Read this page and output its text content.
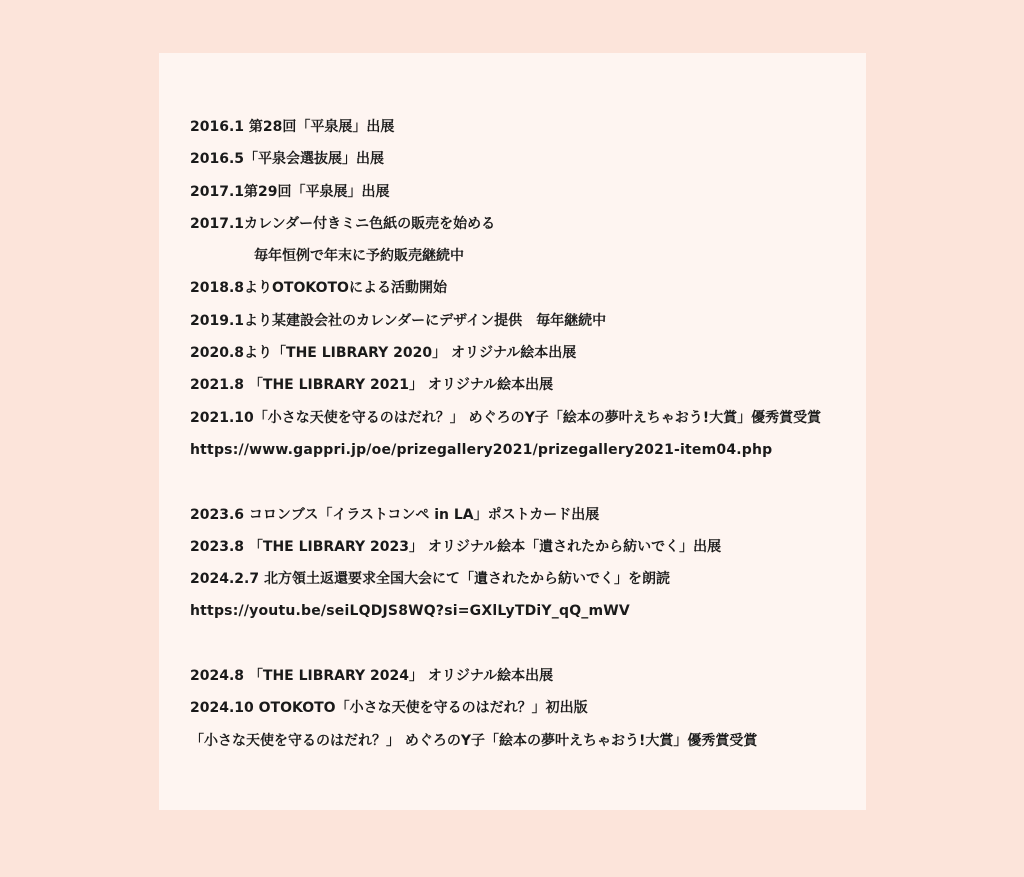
2016.1 第28回「平泉展」出展
2016.5「平泉会選抜展」出展
2017.1第29回「平泉展」出展
2017.1カレンダー付きミニ色紙の販売を始める
毎年恒例で年末に予約販売継続中
2018.8よりOTOKOTOによる活動開始
2019.1より某建設会社のカレンダーにデザイン提供　毎年継続中
2020.8より「THE LIBRARY 2020」 オリジナル絵本出展
2021.8 「THE LIBRARY 2021」 オリジナル絵本出展
2021.10「小さな天使を守るのはだれ？」 めぐろのY子「絵本の夢叶えちゃおう!大賞」優秀賞受賞
https://www.gappri.jp/oe/prizegallery2021/prizegallery2021-item04.php
2023.6 コロンブス「イラストコンペ in LA」ポストカード出展
2023.8 「THE LIBRARY 2023」 オリジナル絵本「遺されたから紡いでく」出展
2024.2.7 北方領土返還要求全国大会にて「遺されたから紡いでく」を朗読
https://youtu.be/seiLQDJS8WQ?si=GXlLyTDiY_qQ_mWV
2024.8 「THE LIBRARY 2024」 オリジナル絵本出展
2024.10 OTOKOTO「小さな天使を守るのはだれ？」初出版
「小さな天使を守るのはだれ？」 めぐろのY子「絵本の夢叶えちゃおう!大賞」優秀賞受賞
